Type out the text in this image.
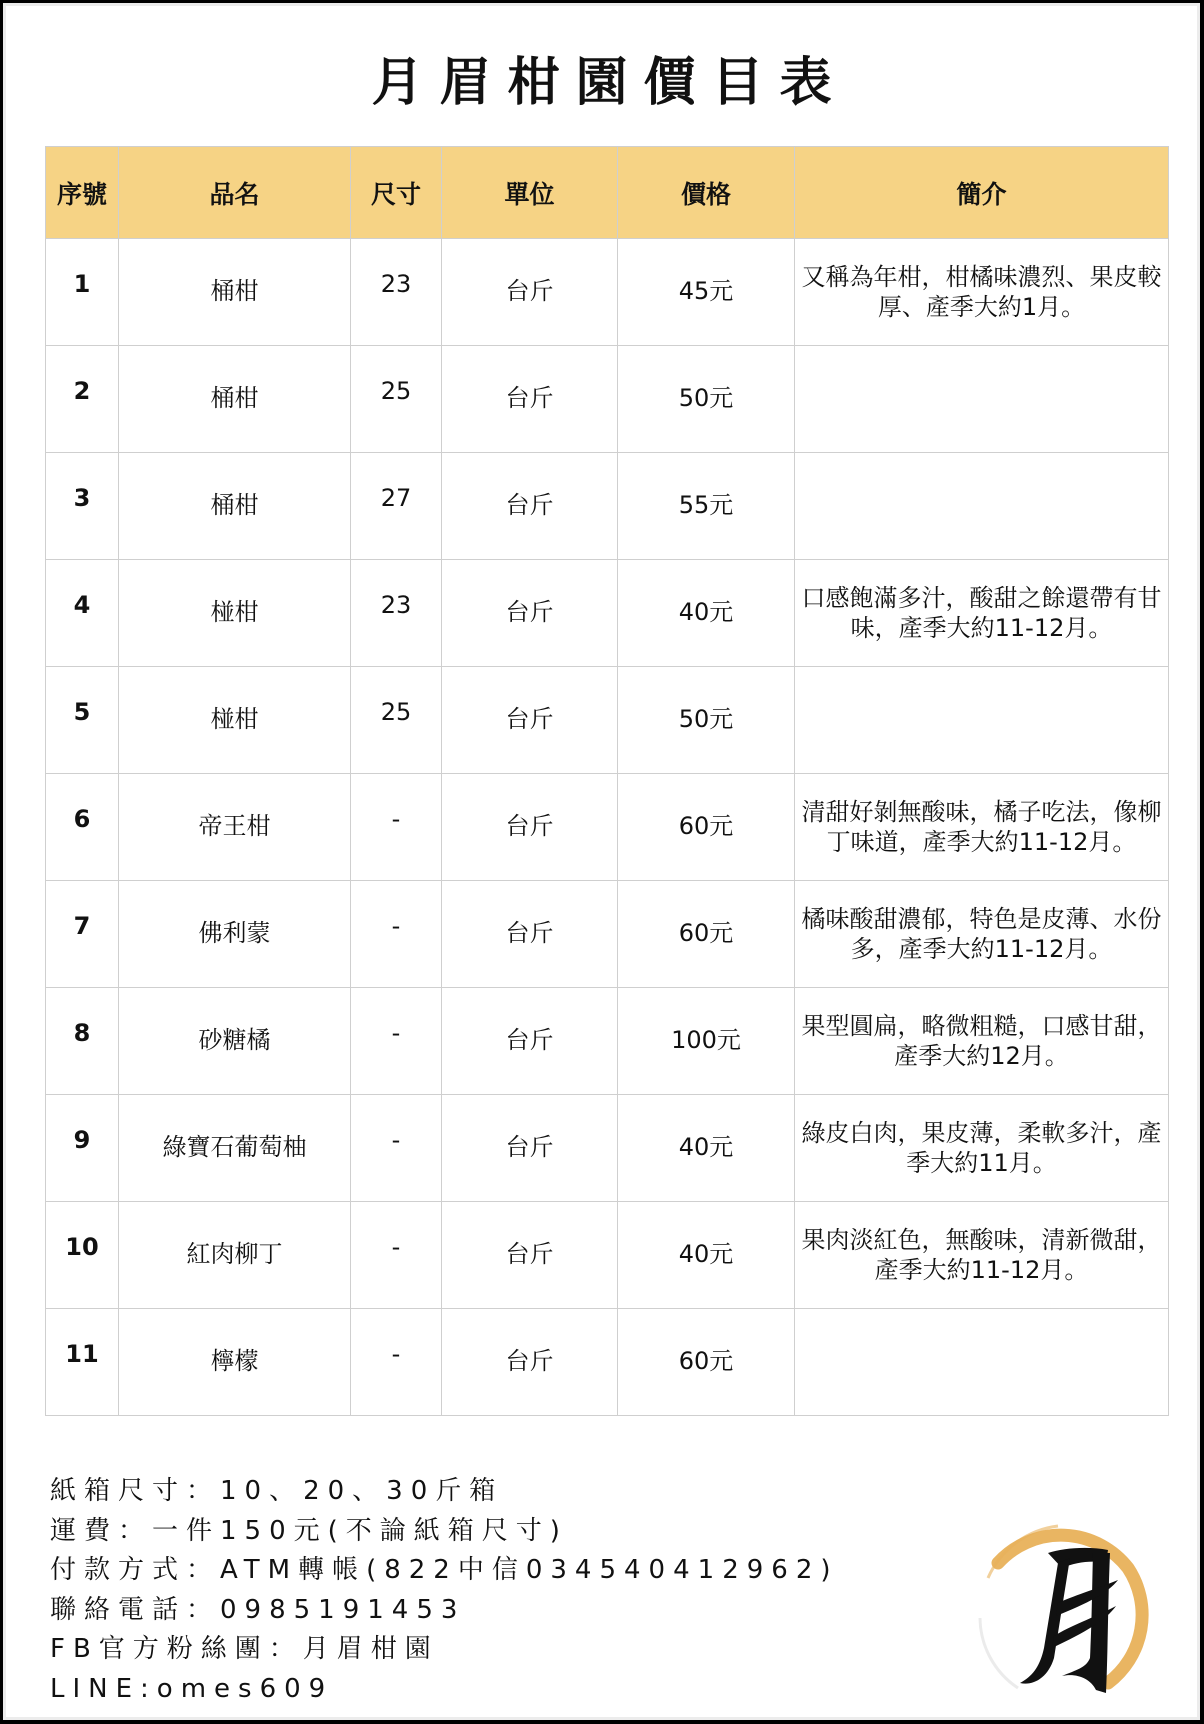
月眉柑園價目表
序號	品名	尺寸	單位	價格	簡介

1	桶柑	23	台斤	45元	又稱為年柑，柑橘味濃烈、果皮較厚、產季大約1月。

2	桶柑	25	台斤	50元	

3	桶柑	27	台斤	55元	

4	椪柑	23	台斤	40元	口感飽滿多汁，酸甜之餘還帶有甘味，產季大約11-12月。

5	椪柑	25	台斤	50元	

6	帝王柑	-	台斤	60元	清甜好剝無酸味，橘子吃法，像柳丁味道，產季大約11-12月。

7	佛利蒙	-	台斤	60元	橘味酸甜濃郁，特色是皮薄、水份多，產季大約11-12月。

8	砂糖橘	-	台斤	100元	果型圓扁，略微粗糙，口感甘甜，產季大約12月。

9	綠寶石葡萄柚	-	台斤	40元	綠皮白肉，果皮薄，柔軟多汁，產季大約11月。

10	紅肉柳丁	-	台斤	40元	果肉淡紅色，無酸味，清新微甜，產季大約11-12月。

11	檸檬	-	台斤	60元	

紙箱尺寸：10、20、30斤箱
運費：一件150元(不論紙箱尺寸)
付款方式：ATM轉帳(822中信034540412962)
聯絡電話：0985191453
FB官方粉絲團：月眉柑園
LINE:omes609
